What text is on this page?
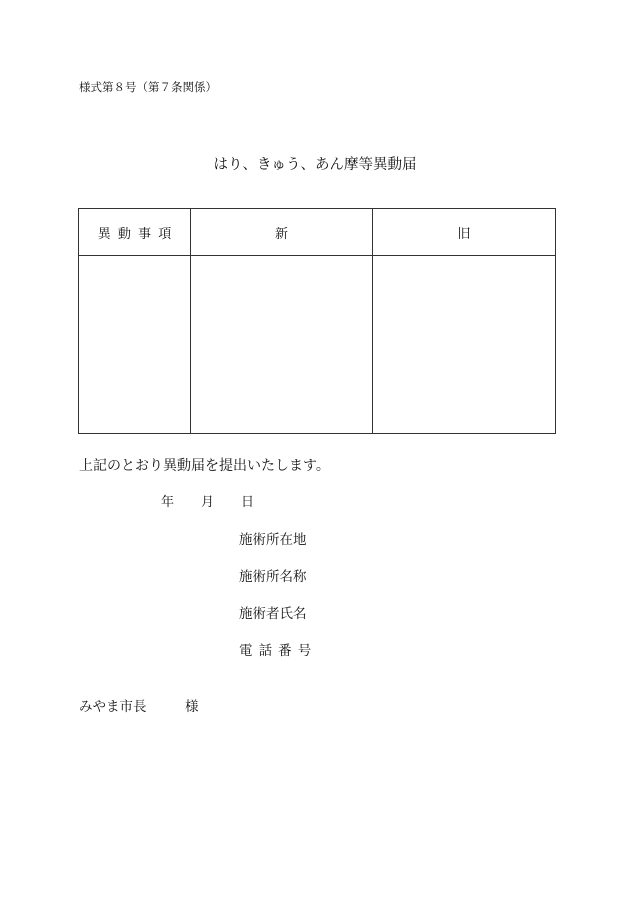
様式第８号（第７条関係）
はり、きゅう、あん摩等異動届
異動事項	新	旧

上記のとおり異動届を提出いたします。
年 月 日
施術所在地
施術所名称
施術者氏名
電話番号
みやま市長	様
